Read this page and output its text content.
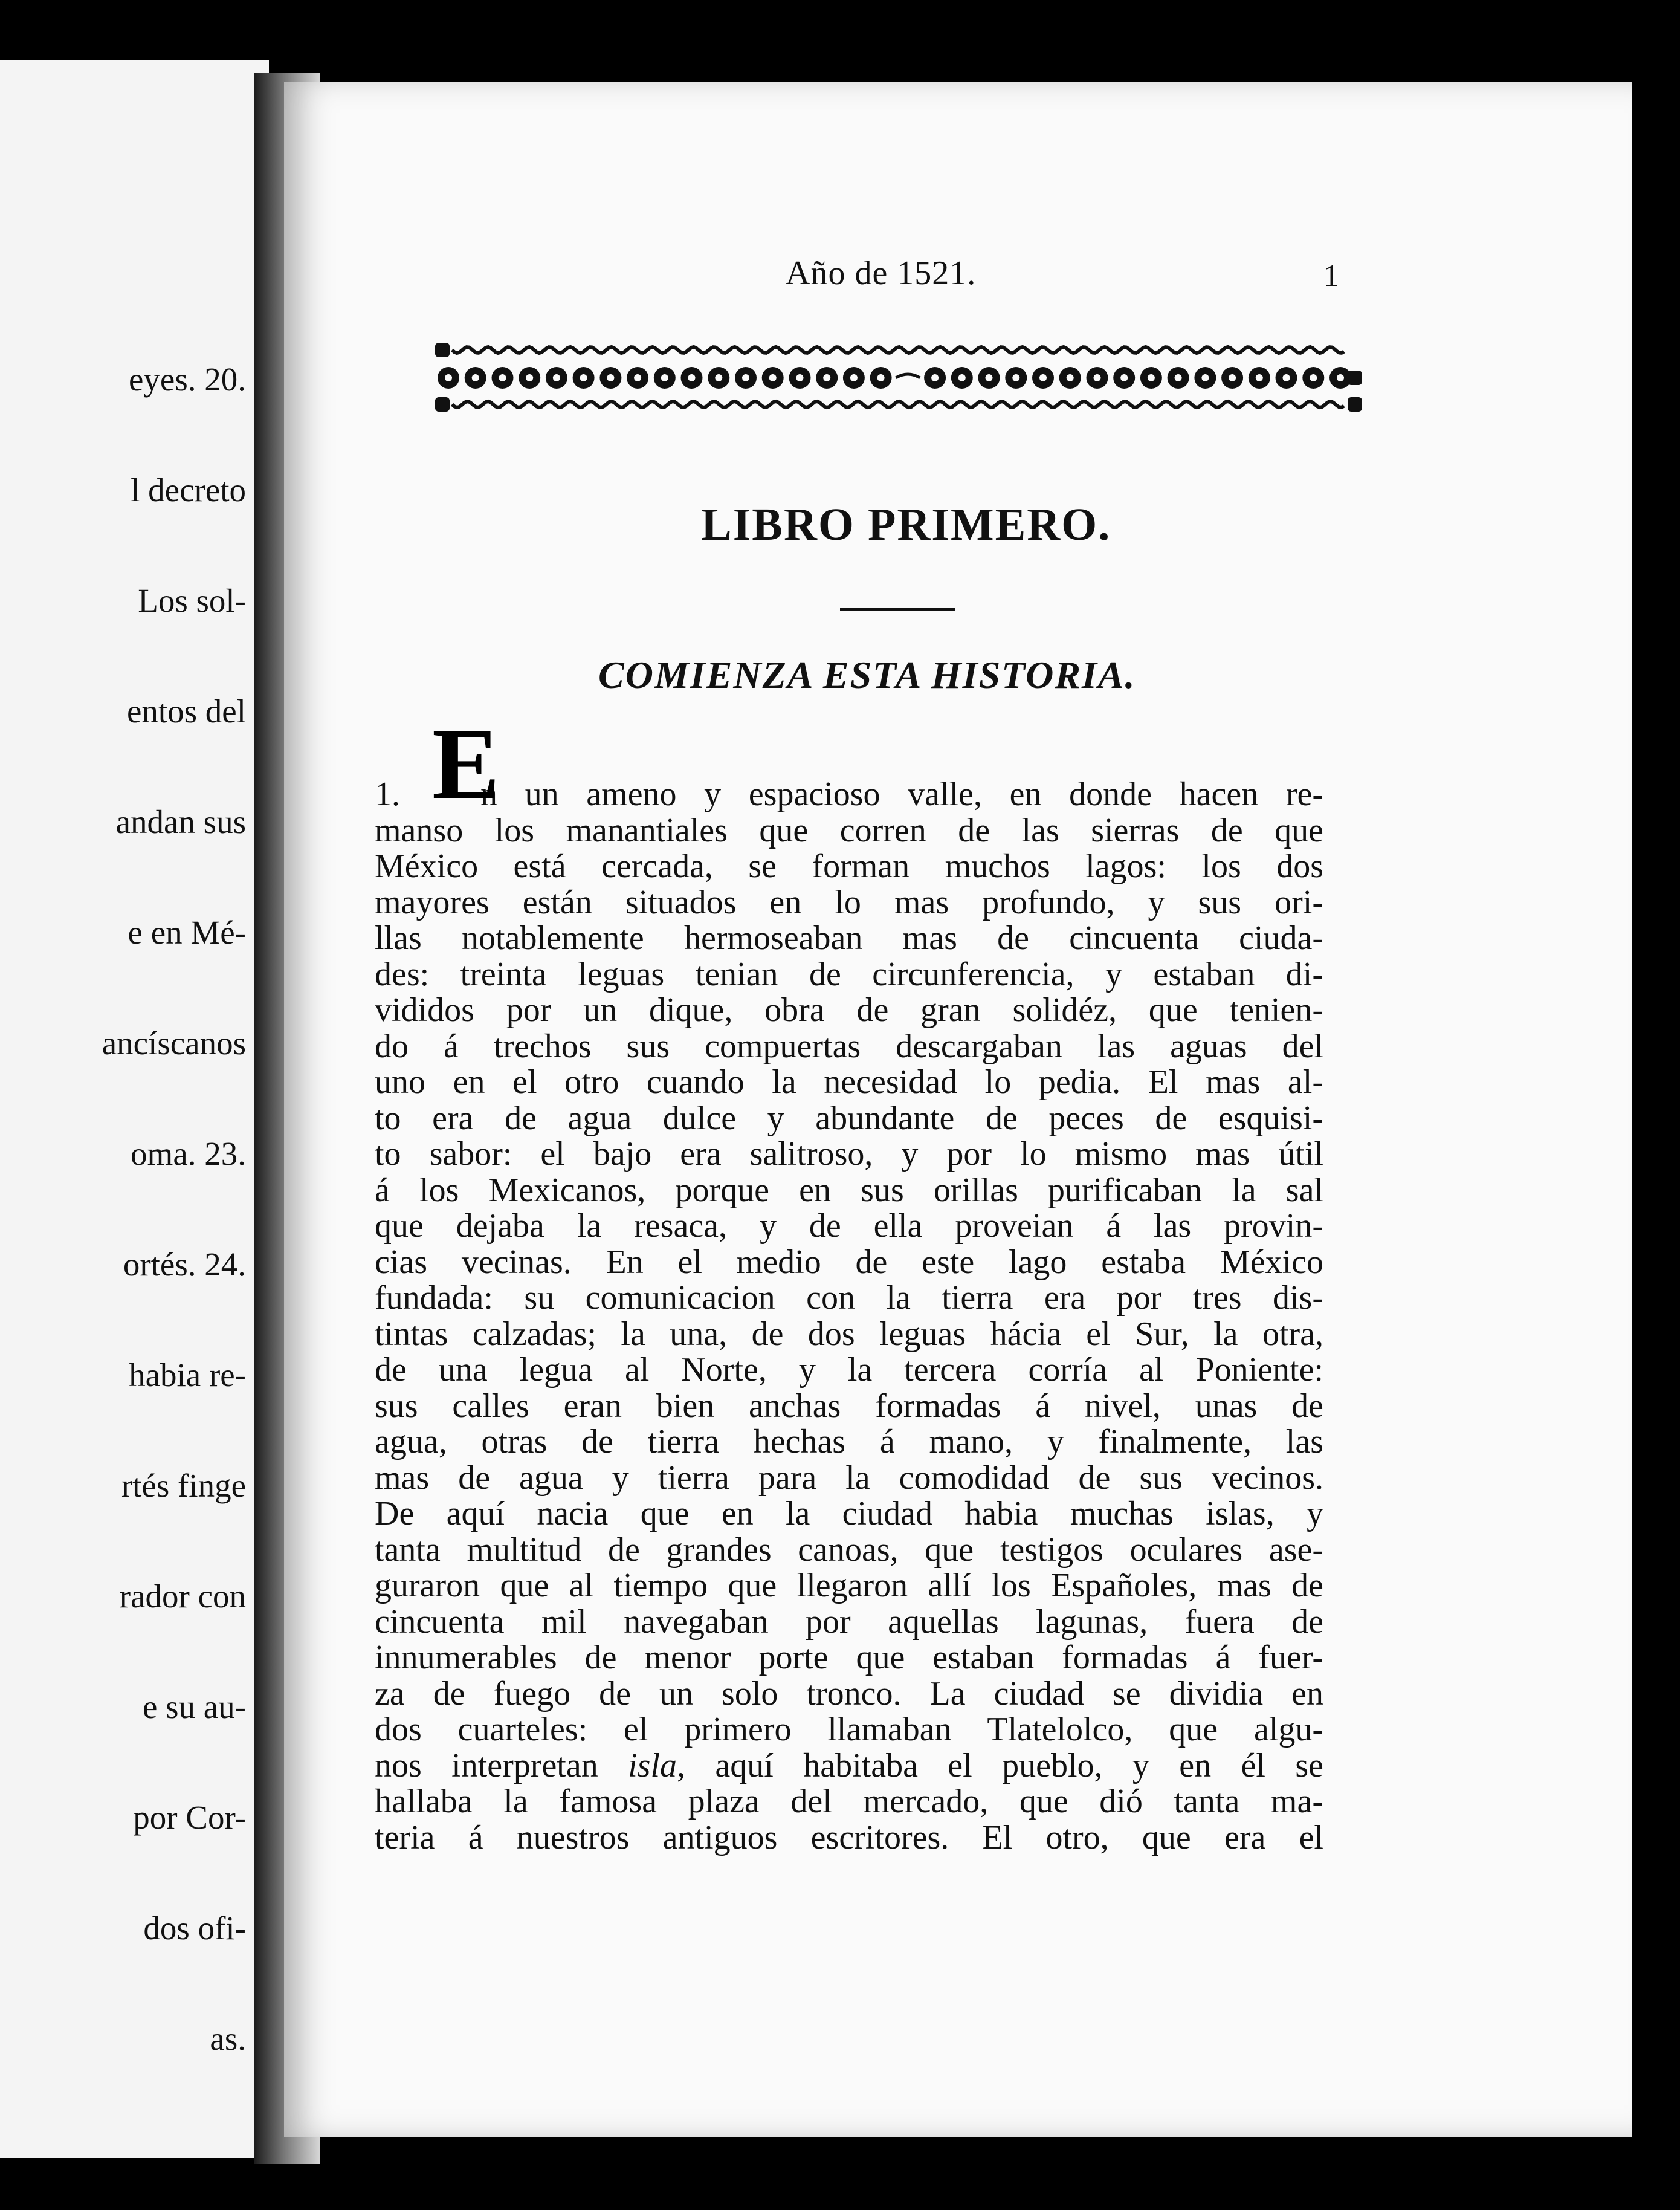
eyes. 20.

l decreto

Los sol-

entos del

andan sus

e en Mé-

ancíscanos

oma. 23.

ortés. 24.

habia re-

rtés finge

rador con

e su au-

por Cor-

dos ofi-

as.

Año de 1521.	1
LIBRO PRIMERO.
COMIENZA ESTA HISTORIA.
E
1. n un ameno y espacioso valle, en donde hacen re-
manso los manantiales que corren de las sierras de que
México está cercada, se forman muchos lagos: los dos
mayores están situados en lo mas profundo, y sus ori-
llas notablemente hermoseaban mas de cincuenta ciuda-
des: treinta leguas tenian de circunferencia, y estaban di-
vididos por un dique, obra de gran solidéz, que tenien-
do á trechos sus compuertas descargaban las aguas del
uno en el otro cuando la necesidad lo pedia. El mas al-
to era de agua dulce y abundante de peces de esquisi-
to sabor: el bajo era salitroso, y por lo mismo mas útil
á los Mexicanos, porque en sus orillas purificaban la sal
que dejaba la resaca, y de ella proveian á las provin-
cias vecinas. En el medio de este lago estaba México
fundada: su comunicacion con la tierra era por tres dis-
tintas calzadas; la una, de dos leguas hácia el Sur, la otra,
de una legua al Norte, y la tercera corría al Poniente:
sus calles eran bien anchas formadas á nivel, unas de
agua, otras de tierra hechas á mano, y finalmente, las
mas de agua y tierra para la comodidad de sus vecinos.
De aquí nacia que en la ciudad habia muchas islas, y
tanta multitud de grandes canoas, que testigos oculares ase-
guraron que al tiempo que llegaron allí los Españoles, mas de
cincuenta mil navegaban por aquellas lagunas, fuera de
innumerables de menor porte que estaban formadas á fuer-
za de fuego de un solo tronco. La ciudad se dividia en
dos cuarteles: el primero llamaban Tlatelolco, que algu-
nos interpretan isla, aquí habitaba el pueblo, y en él se
hallaba la famosa plaza del mercado, que dió tanta ma-
teria á nuestros antiguos escritores. El otro, que era el
